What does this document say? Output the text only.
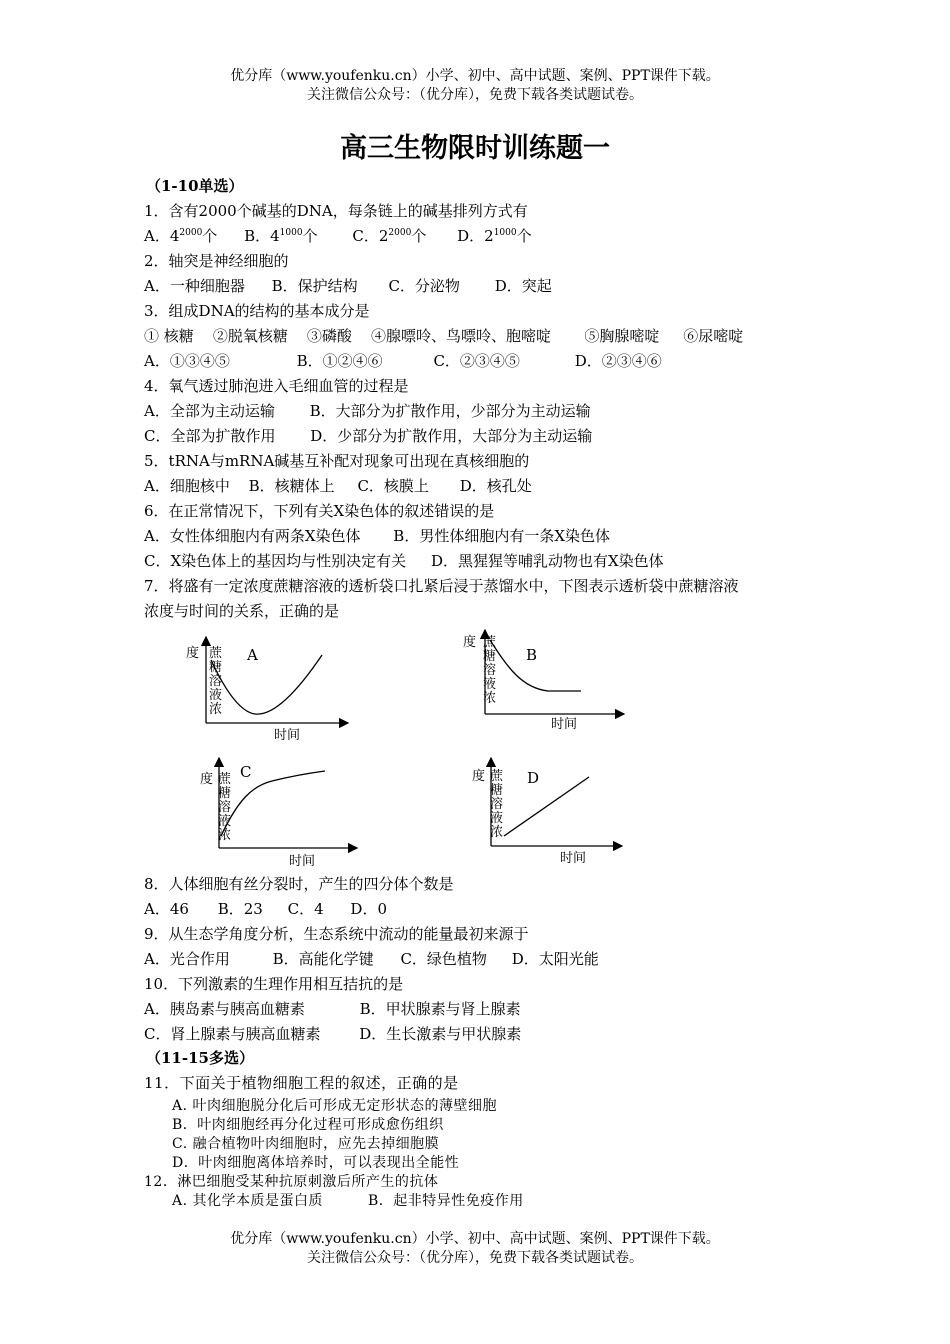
优分库（www.youfenku.cn）小学、初中、高中试题、案例、PPT课件下载。
关注微信公众号：（优分库），免费下载各类试题试卷。
高三生物限时训练题一
（1-10单选）
1．含有2000个碱基的DNA，每条链上的碱基排列方式有
A．$4^{2000}$个 B．$4^{1000}$个 C．$2^{2000}$个 D．$2^{1000}$个
2．轴突是神经细胞的
A．一种细胞器 B．保护结构 C．分泌物 D．突起
3．组成DNA的结构的基本成分是
① 核糖    ②脱氧核糖    ③磷酸    ④腺嘌呤、鸟嘌呤、胞嘧啶       ⑤胸腺嘧啶     ⑥尿嘧啶
A．①③④⑤	B．①②④⑥	C．②③④⑤	D．②③④⑥
4．氧气透过肺泡进入毛细血管的过程是
A．全部为主动运输 B．大部分为扩散作用，少部分为主动运输
C．全部为扩散作用 D．少部分为扩散作用，大部分为主动运输
5．tRNA与mRNA碱基互补配对现象可出现在真核细胞的
A．细胞核中 B．核糖体上 C．核膜上 D．核孔处
6．在正常情况下，下列有关X染色体的叙述错误的是
A．女性体细胞内有两条X染色体 B．男性体细胞内有一条X染色体
C．X染色体上的基因均与性别决定有关 D．黑猩猩等哺乳动物也有X染色体
7．将盛有一定浓度蔗糖溶液的透析袋口扎紧后浸于蒸馏水中，下图表示透析袋中蔗糖溶液
浓度与时间的关系，正确的是
度 蔗
糖
溶
液
浓
时间
A
度 蔗
糖
溶
液
浓
时间
B
度 蔗
糖
溶
液
浓
时间
C	度 蔗
糖
溶
液
浓
时间
D
8．人体细胞有丝分裂时，产生的四分体个数是
A．46 B．23 C．4 D．0
9．从生态学角度分析，生态系统中流动的能量最初来源于
A．光合作用	B．高能化学键 C．绿色植物 D．太阳光能
10．下列激素的生理作用相互拮抗的是
A．胰岛素与胰高血糖素	B．甲状腺素与肾上腺素
C．肾上腺素与胰高血糖素	D．生长激素与甲状腺素
（11-15多选）
11．下面关于植物细胞工程的叙述，正确的是
A. 叶肉细胞脱分化后可形成无定形状态的薄壁细胞
B．叶肉细胞经再分化过程可形成愈伤组织
C. 融合植物叶肉细胞时，应先去掉细胞膜
D．叶肉细胞离体培养时，可以表现出全能性
12．淋巴细胞受某种抗原刺激后所产生的抗体
A. 其化学本质是蛋白质	B．起非特异性免疫作用
优分库（www.youfenku.cn）小学、初中、高中试题、案例、PPT课件下载。
关注微信公众号：（优分库），免费下载各类试题试卷。
